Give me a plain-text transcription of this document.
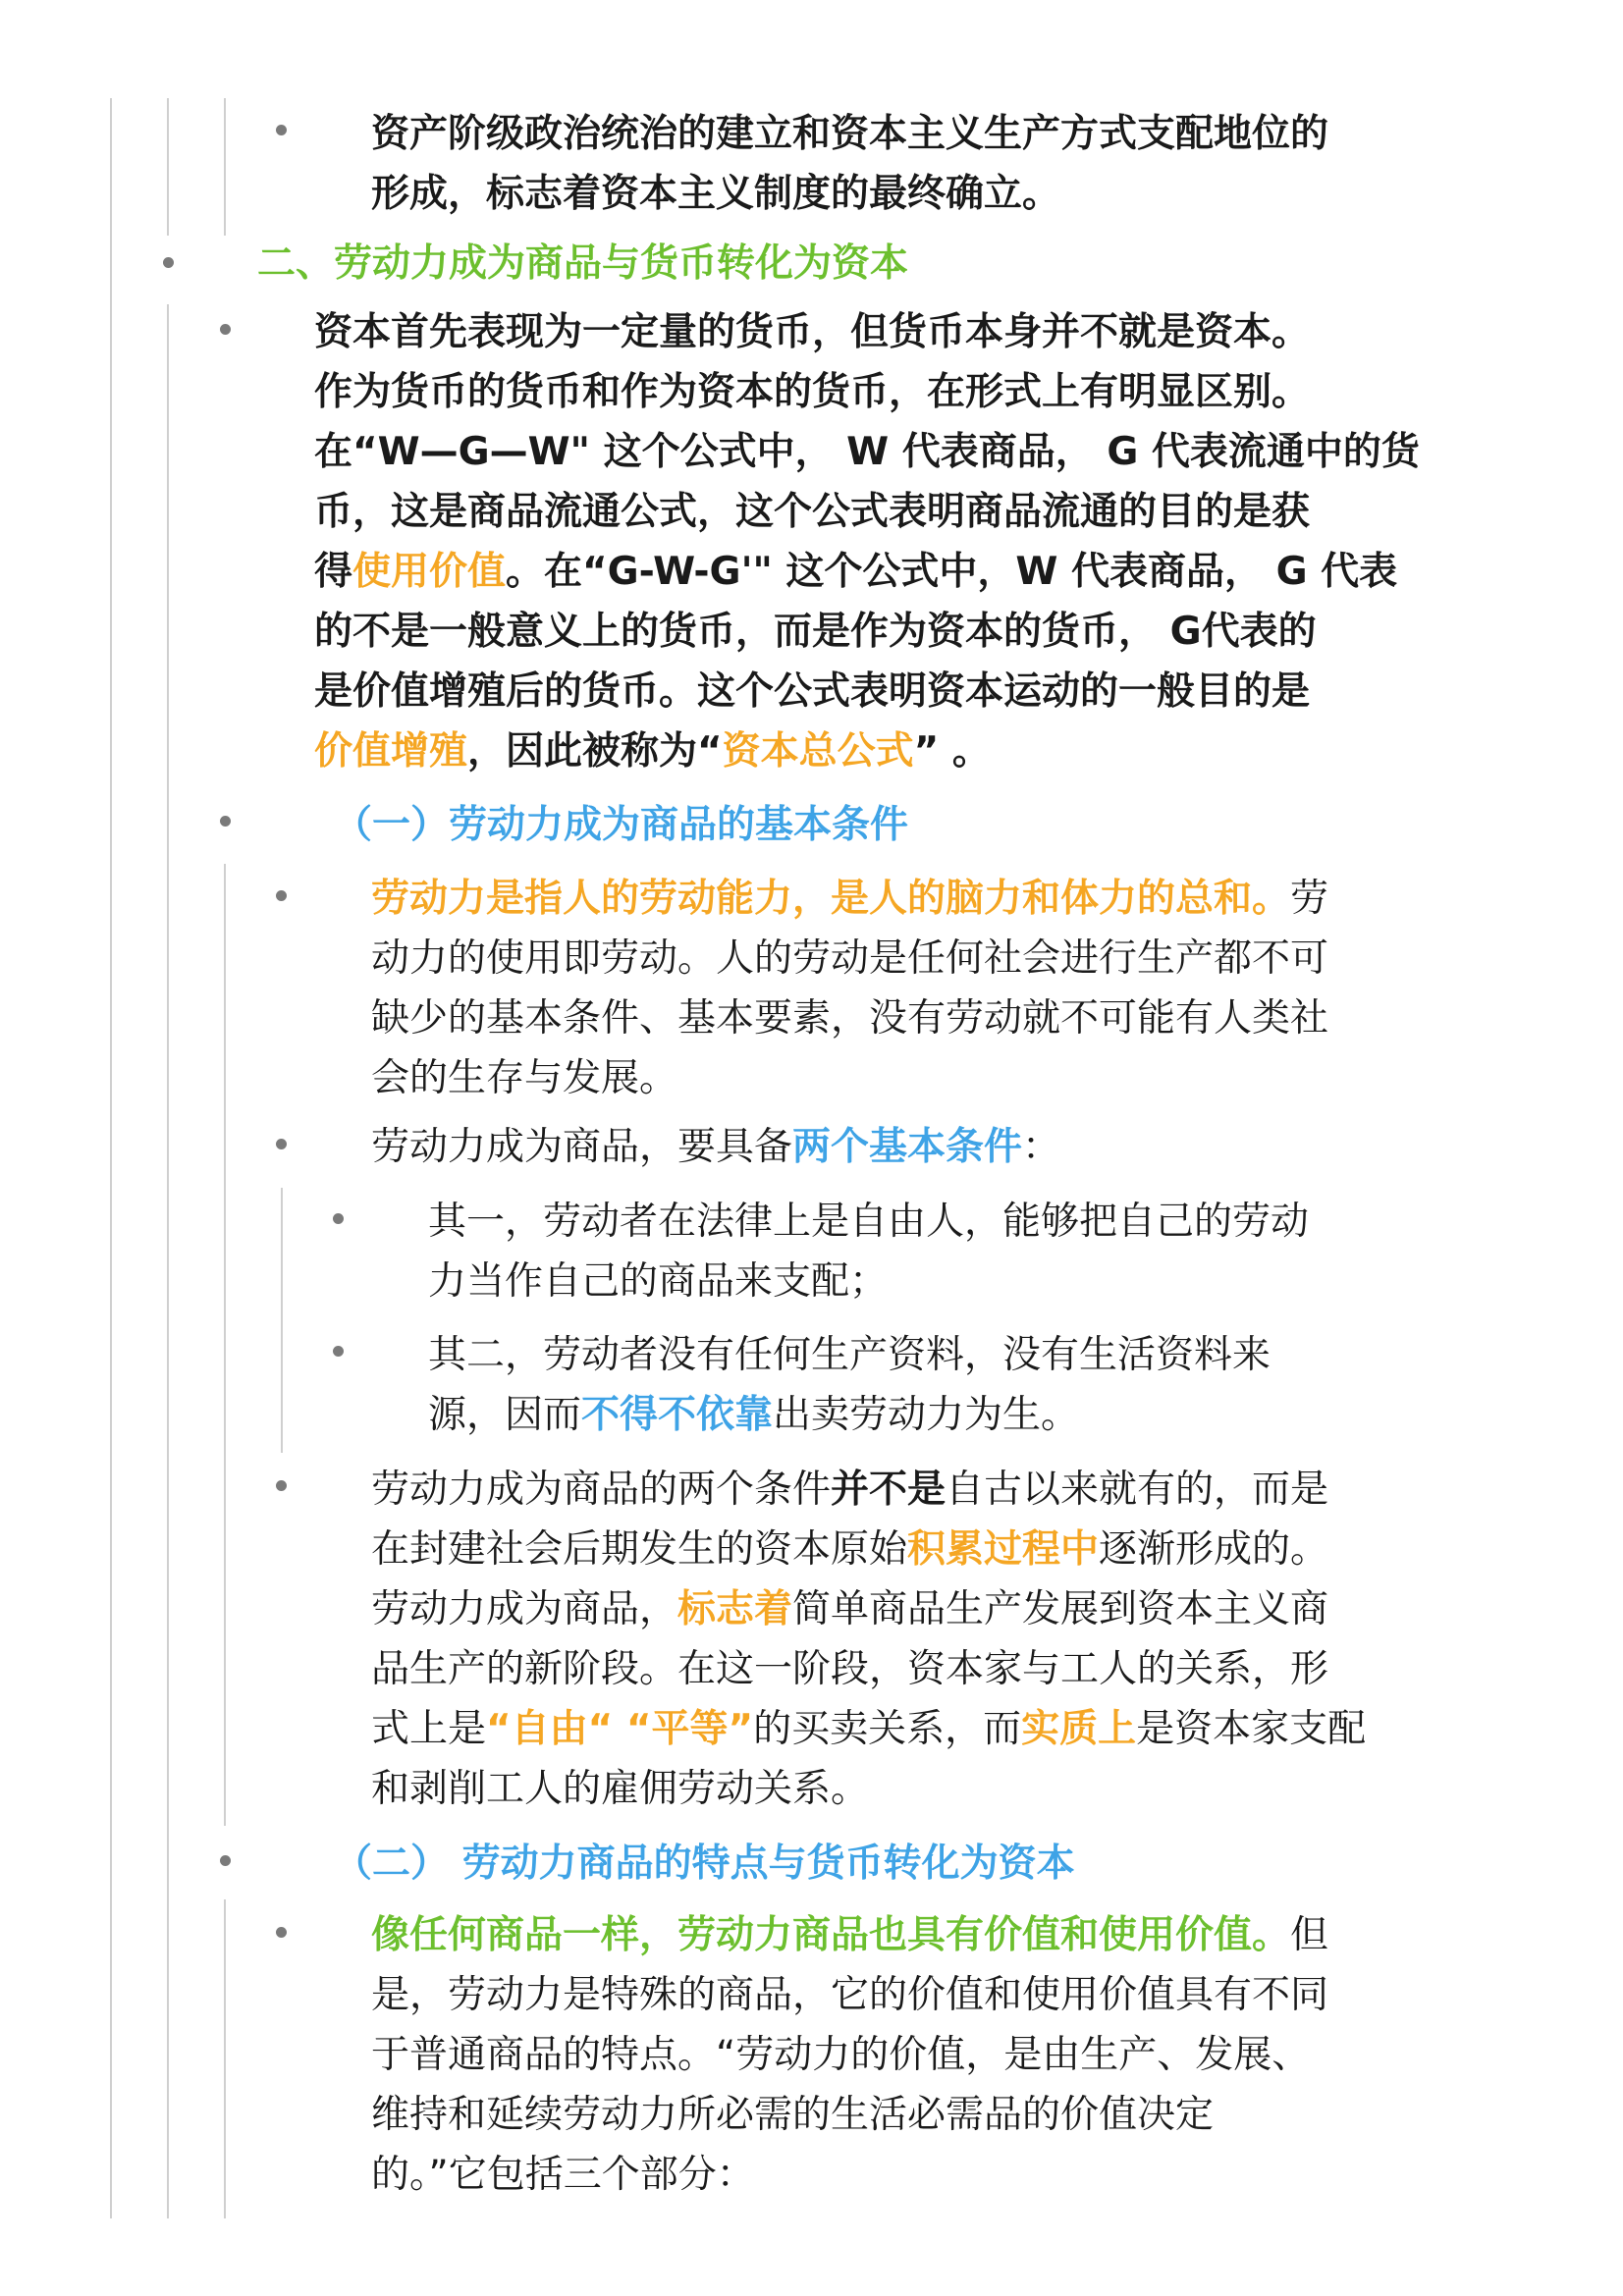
资产阶级政治统治的建立和资本主义生产方式支配地位的
形成，标志着资本主义制度的最终确立。
二、劳动力成为商品与货币转化为资本
资本首先表现为一定量的货币，但货币本身并不就是资本。
作为货币的货币和作为资本的货币，在形式上有明显区别。
在“W—G—W" 这个公式中， W 代表商品， G 代表流通中的货
币，这是商品流通公式，这个公式表明商品流通的目的是获
得使用价值。在“G-W-G'" 这个公式中，W 代表商品， G 代表
的不是一般意义上的货币，而是作为资本的货币， G代表的
是价值增殖后的货币。这个公式表明资本运动的一般目的是
价值增殖，因此被称为“资本总公式” 。
（一）劳动力成为商品的基本条件
劳动力是指人的劳动能力，是人的脑力和体力的总和。劳
动力的使用即劳动。人的劳动是任何社会进行生产都不可
缺少的基本条件、基本要素，没有劳动就不可能有人类社
会的生存与发展。
劳动力成为商品，要具备两个基本条件：
其一，劳动者在法律上是自由人，能够把自己的劳动
力当作自己的商品来支配；
其二，劳动者没有任何生产资料，没有生活资料来
源，因而不得不依靠出卖劳动力为生。
劳动力成为商品的两个条件并不是自古以来就有的，而是
在封建社会后期发生的资本原始积累过程中逐渐形成的。
劳动力成为商品，标志着简单商品生产发展到资本主义商
品生产的新阶段。在这一阶段，资本家与工人的关系，形
式上是“自由“ “平等”的买卖关系，而实质上是资本家支配
和剥削工人的雇佣劳动关系。
（二） 劳动力商品的特点与货币转化为资本
像任何商品一样，劳动力商品也具有价值和使用价值。但
是，劳动力是特殊的商品，它的价值和使用价值具有不同
于普通商品的特点。“劳动力的价值，是由生产、发展、
维持和延续劳动力所必需的生活必需品的价值决定
的。”它包括三个部分：
